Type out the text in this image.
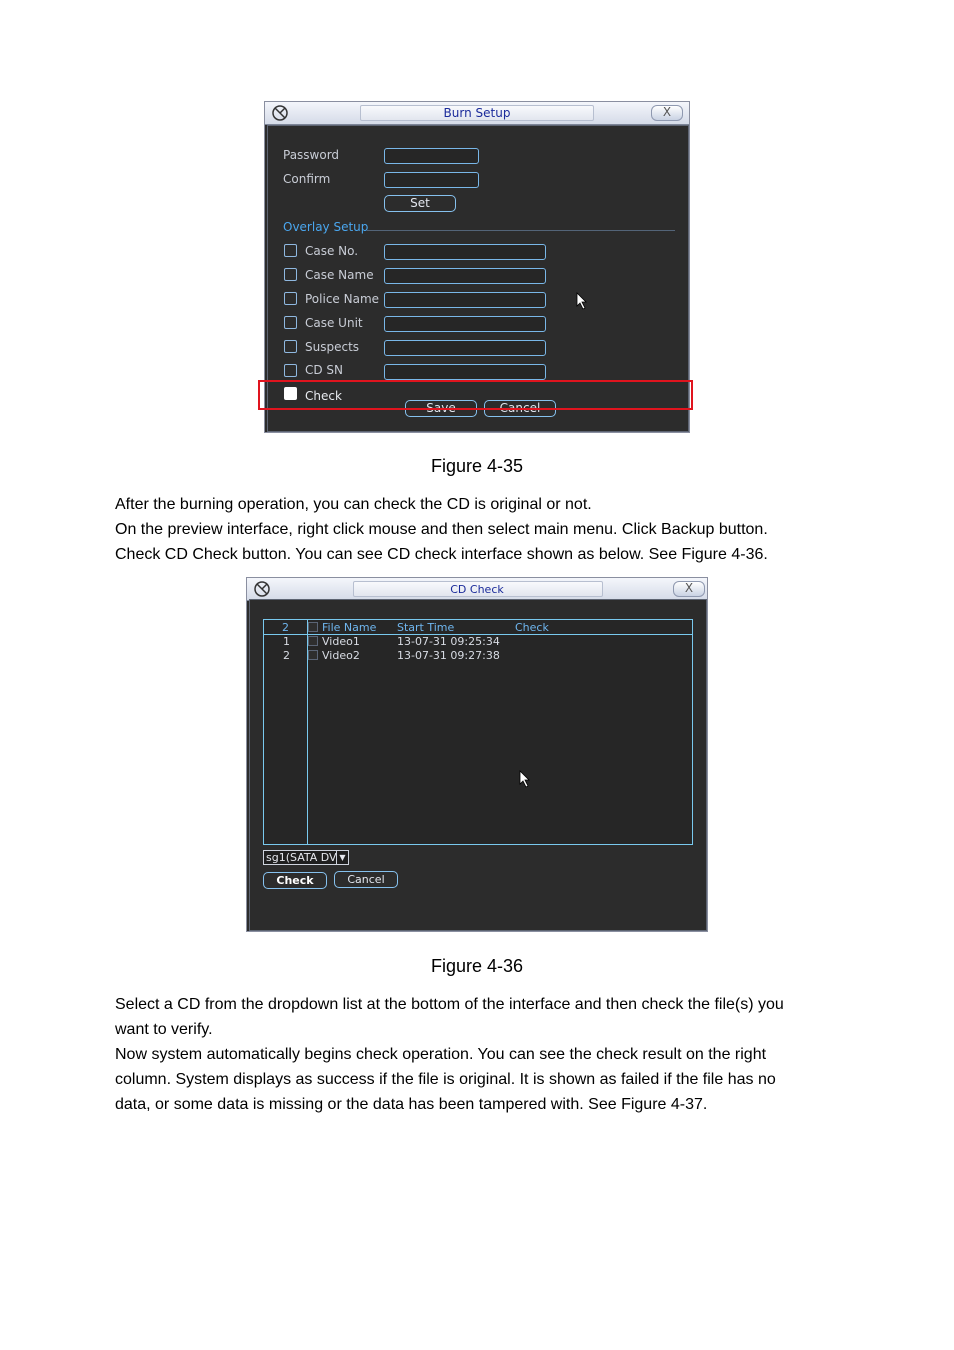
Burn Setup	X
Password
Confirm
Set
Overlay Setup
Case No.
Case Name
Police Name
Case Unit
Suspects
CD SN
Check
Save	Cancel
Figure 4-35
After the burning operation, you can check the CD is original or not.
On the preview interface, right click mouse and then select main menu. Click Backup button.
Check CD Check button. You can see CD check interface shown as below. See Figure 4-36.
CD Check	X
2	File Name Start Time	Check
1	Video1	13-07-31 09:25:34
2	Video2	13-07-31 09:27:38
sg1(SATA DV ▼
Check	Cancel
Figure 4-36
Select a CD from the dropdown list at the bottom of the interface and then check the file(s) you
want to verify.
Now system automatically begins check operation. You can see the check result on the right
column. System displays as success if the file is original. It is shown as failed if the file has no
data, or some data is missing or the data has been tampered with. See Figure 4-37.
